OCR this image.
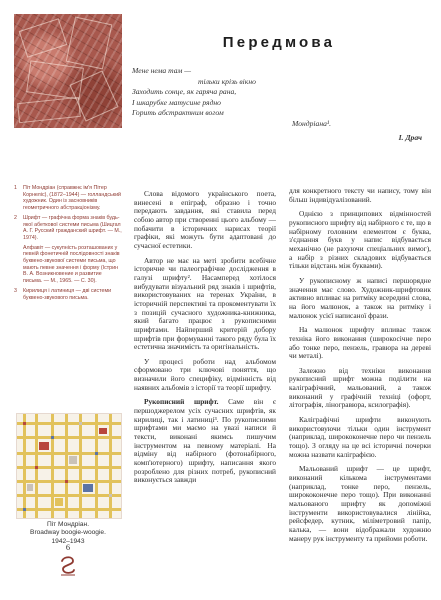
Передмова
Мене нема там —
тільки крізь вікно
Заходить сонце, як гаряча рана,
І шкарубке матусине рядно
Горить абстрактним вогом
Мондріана¹.
І. Драч
1	Піт Мондріан (справжнє ім'я Пітер Корнеліс), (1872–1944) — голландський художник. Один із засновників геометричного абстракціонізму.
2	Шрифт — графічна форма знаків будь-якої абеткової системи письма (Шицгал А. Г. Русский гражданский шрифт. — М., 1974).
Алфавіт — сукупність розташованих у певній фонетичній послідовності знаків буквено-звукової системи письма, що мають певне значення і форму (Істрин В. А. Возникновение и развитие письма. — М., 1965. — С. 30).
3	Кирилиця і латиниця — дві системи буквено-звукового письма.
Піт Мондріан.
Broadway boogie-woogie.
1942–1943
6

Слова відомого українського поета, винесені в епіграф, образно і точно передають завдання, які ставила перед собою автор при створенні цього альбому — побачити в історичних нарисах теорії графіки, які можуть бути адаптовані до сучасної естетики.

Автор не має на меті зробити всебічне історичне чи палеографічне дослідження в галузі шрифту². Насамперед хотілося вибудувати візуальний ряд знаків і шрифтів, використовуваних на теренах України, в історичній перспективі та прокоментувати їх з позицій сучасного художника-книжника, який багато працює з рукописними шрифтами. Найперший критерій добору шрифтів при формуванні такого ряду була їх естетична значимість та оригінальність.

У процесі роботи над альбомом сформовано три ключові поняття, що визначили його специфіку, відмінність від наявних альбомів з історії та теорії шрифту.

Рукописний шрифт. Саме він є першоджерелом усіх сучасних шрифтів, як кирилиці, так і латиниці³. По рукописними шрифтами ми маємо на увазі написи й тексти, виконані якимсь пишучим інструментом на певному матеріалі. На відміну від набірного (фотонабірного, комп'ютерного) шрифту, написання якого розроблено для різних потреб, рукописний виконується завжди

для конкретного тексту чи напису, тому він більш індивідуалізований.

Однією з принципових відмінностей рукописного шрифту від набірного є те, що в набірному головним елементом є буква, з'єднання букв у напис відбувається механічно (не рахуючи спеціальних вимог), а набір з різних складових відбувається тільки відстань між буквами).

У рукописному ж написі першорядне значення має слово. Художник-шрифтовик активно впливає на ритміку всередині слова, на його малюнок, а також на ритміку і малюнок усієї написаної фрази.

На малюнок шрифту впливає також техніка його виконання (широкосічне перо або тонке перо, пензель, гравюра на дереві чи металі).

Залежно від техніки виконання рукописний шрифт можна поділити на каліграфічний, мальований, а також виконаний у графічній техніці (офорт, літографія, ліногравюра, ксилографія).

Каліграфічні шрифти виконують використовуючи тільки один інструмент (наприклад, ширококонечне перо чи пензель тощо). З огляду на це всі історичні почерки можна назвати каліграфією.

Мальований шрифт — це шрифт, виконаний кількома інструментами (наприклад, тонке перо, пензель, ширококонечне перо тощо). При виконанні мальованого шрифту як допоміжні інструменти використовувалися лінійка, рейсфедер, кутник, міліметровий папір, калька, — вони відображали художню манеру рук інструменту та прийоми роботи.
